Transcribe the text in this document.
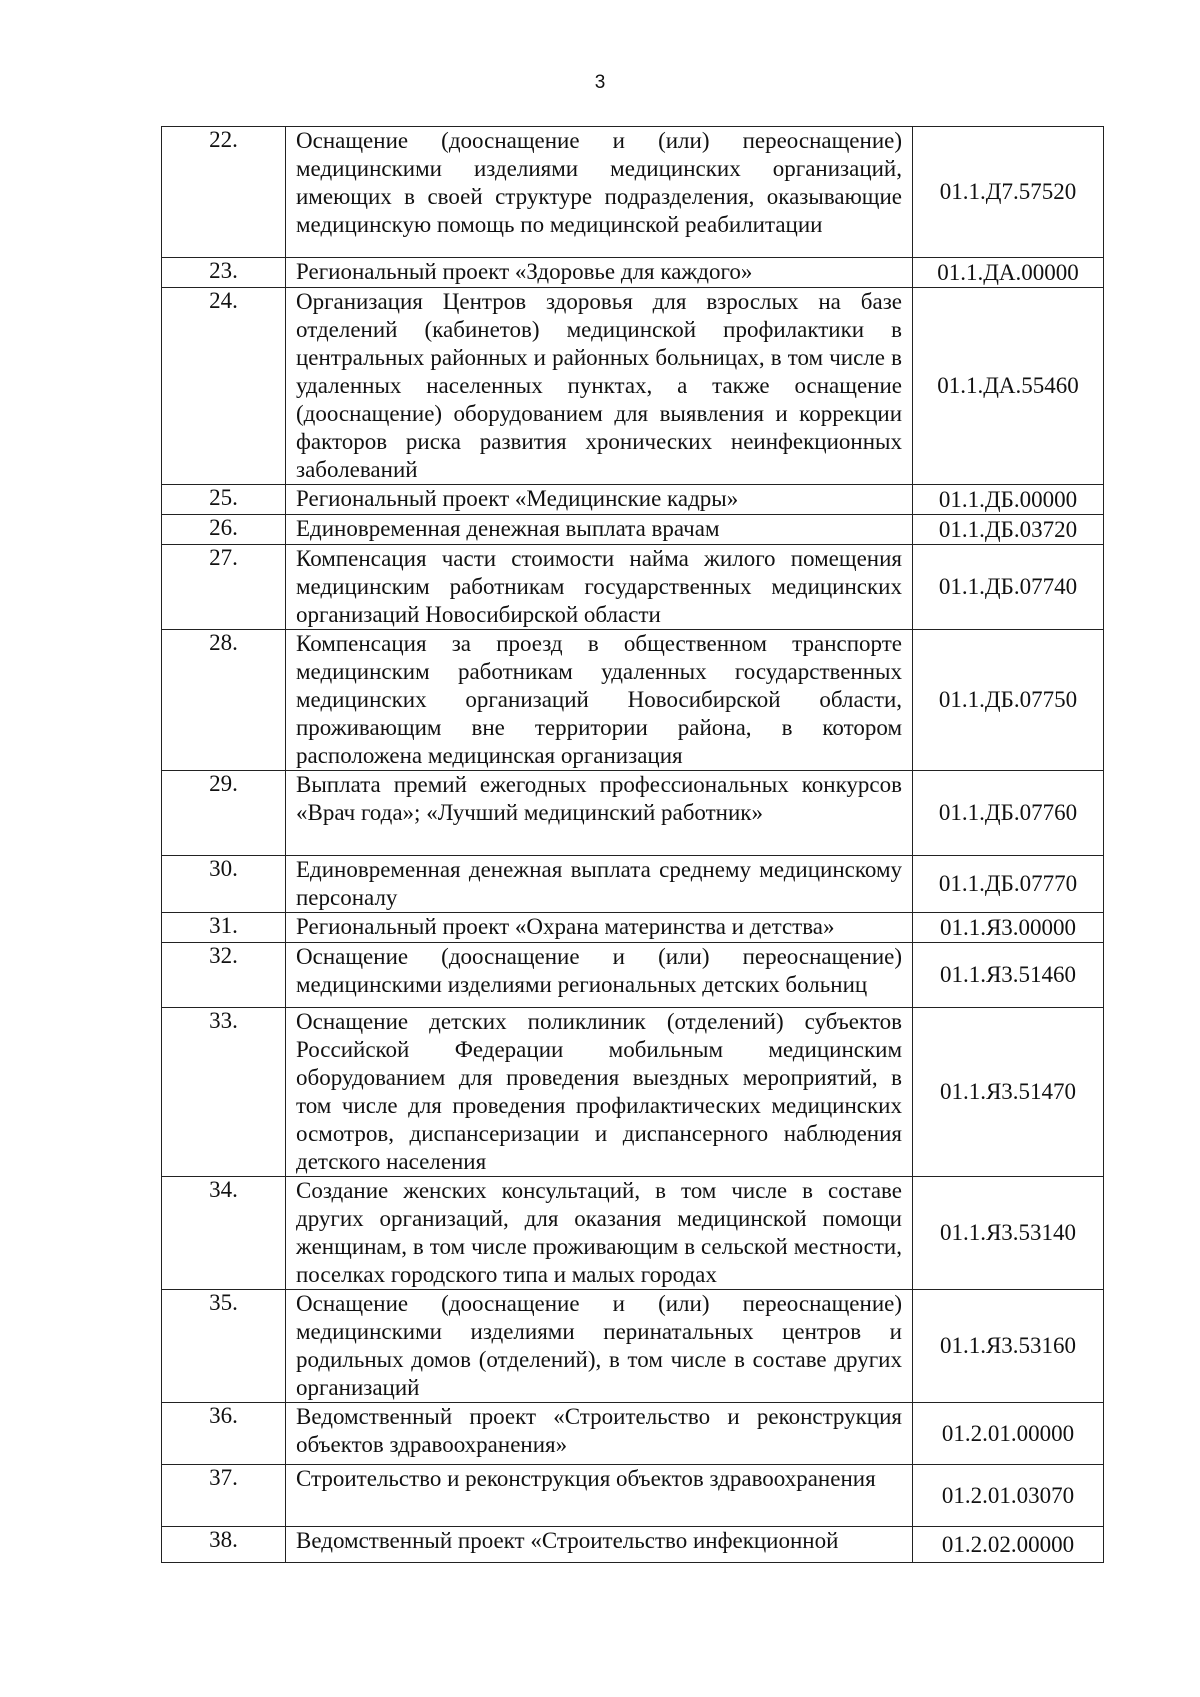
3
22.	Оснащение (дооснащение и (или) переоснащение) медицинскими изделиями медицинских организаций, имеющих в своей структуре подразделения, оказывающие медицинскую помощь по медицинской реабилитации	01.1.Д7.57520
23.	Региональный проект «Здоровье для каждого»	01.1.ДА.00000
24.	Организация Центров здоровья для взрослых на базе отделений (кабинетов) медицинской профилактики в центральных районных и районных больницах, в том числе в удаленных населенных пунктах, а также оснащение (дооснащение) оборудованием для выявления и коррекции факторов риска развития хронических неинфекционных заболеваний	01.1.ДА.55460
25.	Региональный проект «Медицинские кадры»	01.1.ДБ.00000
26.	Единовременная денежная выплата врачам	01.1.ДБ.03720
27.	Компенсация части стоимости найма жилого помещения медицинским работникам государственных медицинских организаций Новосибирской области	01.1.ДБ.07740
28.	Компенсация за проезд в общественном транспорте медицинским работникам удаленных государственных медицинских организаций Новосибирской области, проживающим вне территории района, в котором расположена медицинская организация	01.1.ДБ.07750
29.	Выплата премий ежегодных профессиональных конкурсов «Врач года»; «Лучший медицинский работник»	01.1.ДБ.07760
30.	Единовременная денежная выплата среднему медицинскому персоналу	01.1.ДБ.07770
31.	Региональный проект «Охрана материнства и детства»	01.1.Я3.00000
32.	Оснащение (дооснащение и (или) переоснащение) медицинскими изделиями региональных детских больниц	01.1.Я3.51460
33.	Оснащение детских поликлиник (отделений) субъектов Российской Федерации мобильным медицинским оборудованием для проведения выездных мероприятий, в том числе для проведения профилактических медицинских осмотров, диспансеризации и диспансерного наблюдения детского населения	01.1.Я3.51470
34.	Создание женских консультаций, в том числе в составе других организаций, для оказания медицинской помощи женщинам, в том числе проживающим в сельской местности, поселках городского типа и малых городах	01.1.Я3.53140
35.	Оснащение (дооснащение и (или) переоснащение) медицинскими изделиями перинатальных центров и родильных домов (отделений), в том числе в составе других организаций	01.1.Я3.53160
36.	Ведомственный проект «Строительство и реконструкция объектов здравоохранения»	01.2.01.00000
37.	Строительство и реконструкция объектов здравоохранения	01.2.01.03070
38.	Ведомственный проект «Строительство инфекционной	01.2.02.00000
